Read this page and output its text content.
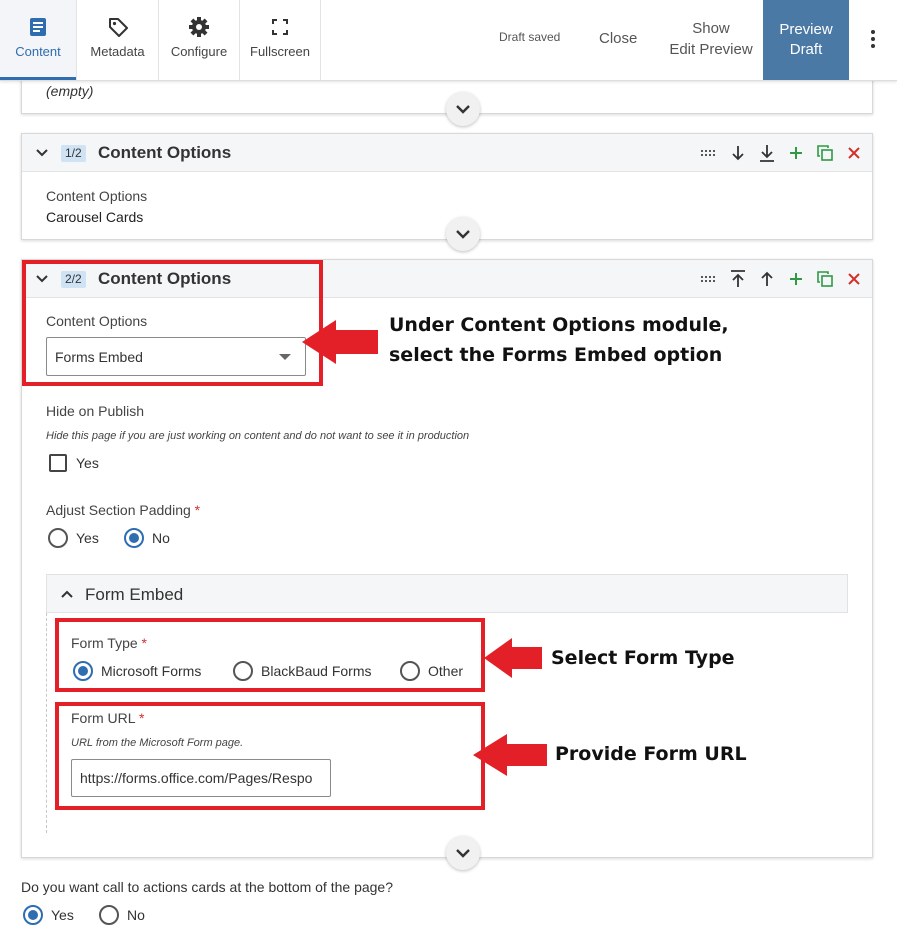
Content Metadata Configure Fullscreen
Draft saved	Close
Show
Edit Preview
Preview
Draft
(empty)
1/2 Content Options
Content Options
Carousel Cards
2/2 Content Options
Content Options
Forms Embed
Hide on Publish
Hide this page if you are just working on content and do not want to see it in production
Yes
Adjust Section Padding *
Yes	No
Form Embed
Form Type *
Microsoft Forms	BlackBaud Forms	Other
Form URL *
URL from the Microsoft Form page.
https://forms.office.com/Pages/Respo
Do you want call to actions cards at the bottom of the page?
Yes	No
Under Content Options module,
select the Forms Embed option
Select Form Type
Provide Form URL
